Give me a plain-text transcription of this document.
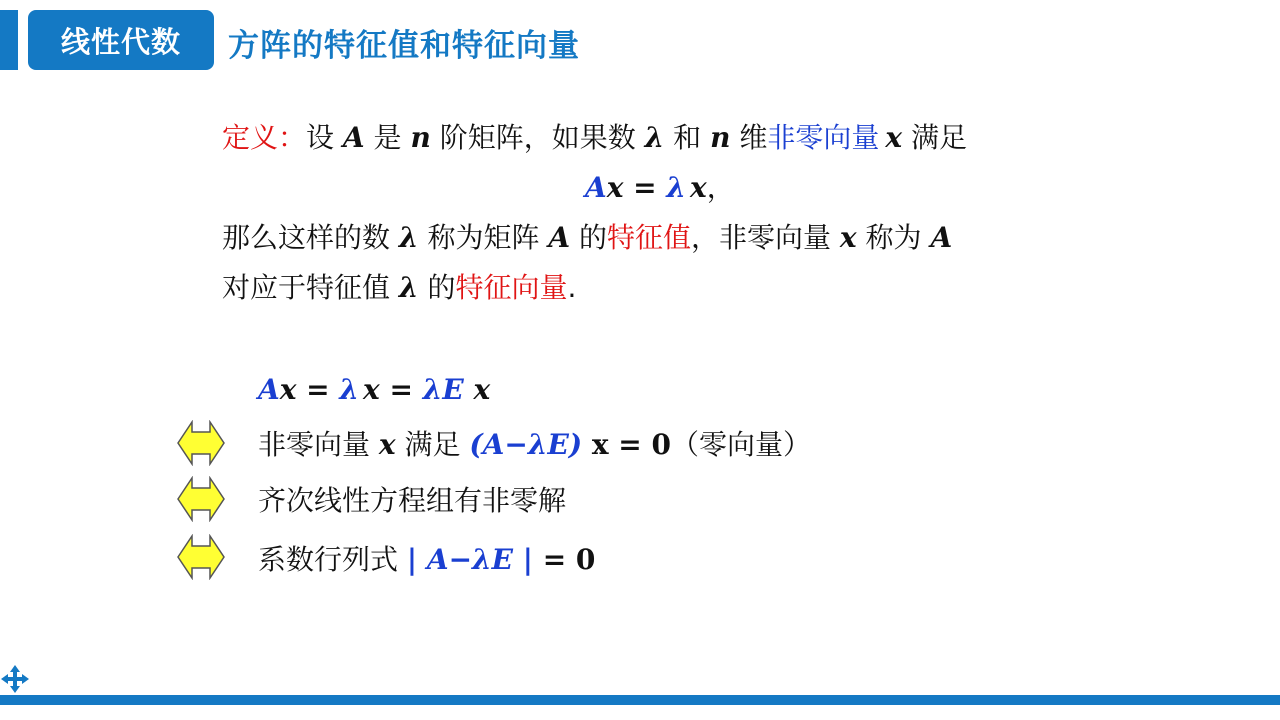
线性代数	方阵的特征值和特征向量
定义：设 A 是 n 阶矩阵，如果数 λ 和 n 维非零向量 x 满足
Ax = λ x，
那么这样的数 λ 称为矩阵 A 的特征值，非零向量 x 称为 A
对应于特征值 λ 的特征向量.
Ax = λ x = λE x
非零向量 x 满足 (A−λE) x = 0（零向量）
齐次线性方程组有非零解
系数行列式 | A−λE | = 0
